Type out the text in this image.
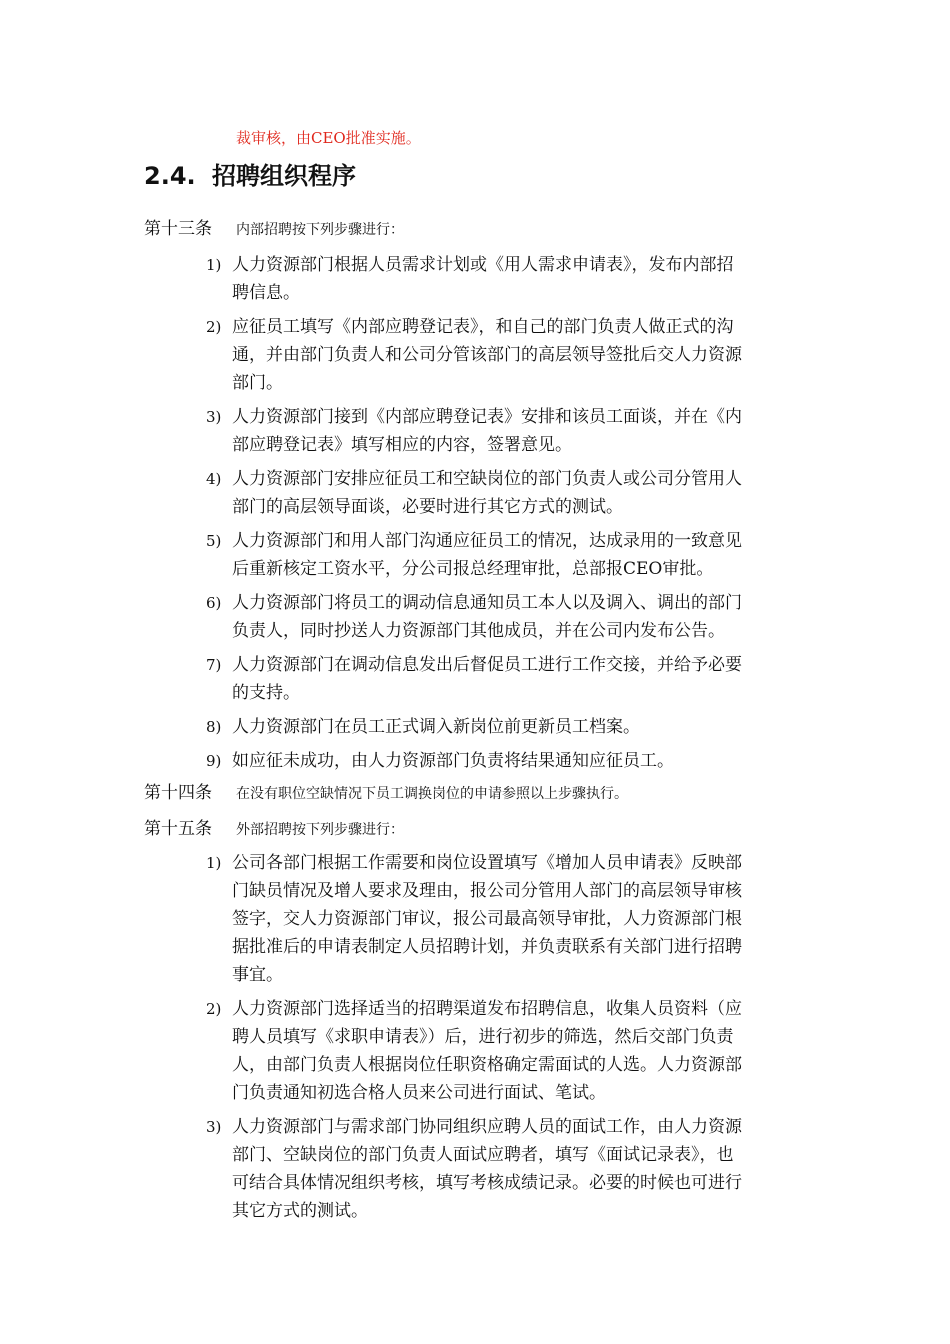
裁审核，由CEO批准实施。
2.4. 招聘组织程序
第十三条 内部招聘按下列步骤进行：
1) 人力资源部门根据人员需求计划或《用人需求申请表》，发布内部招
聘信息。
2) 应征员工填写《内部应聘登记表》，和自己的部门负责人做正式的沟
通，并由部门负责人和公司分管该部门的高层领导签批后交人力资源
部门。
3) 人力资源部门接到《内部应聘登记表》安排和该员工面谈，并在《内
部应聘登记表》填写相应的内容，签署意见。
4) 人力资源部门安排应征员工和空缺岗位的部门负责人或公司分管用人
部门的高层领导面谈，必要时进行其它方式的测试。
5) 人力资源部门和用人部门沟通应征员工的情况，达成录用的一致意见
后重新核定工资水平，分公司报总经理审批，总部报CEO审批。
6) 人力资源部门将员工的调动信息通知员工本人以及调入、调出的部门
负责人，同时抄送人力资源部门其他成员，并在公司内发布公告。
7) 人力资源部门在调动信息发出后督促员工进行工作交接，并给予必要
的支持。
8) 人力资源部门在员工正式调入新岗位前更新员工档案。
9) 如应征未成功，由人力资源部门负责将结果通知应征员工。
第十四条 在没有职位空缺情况下员工调换岗位的申请参照以上步骤执行。
第十五条 外部招聘按下列步骤进行：
1) 公司各部门根据工作需要和岗位设置填写《增加人员申请表》反映部
门缺员情况及增人要求及理由，报公司分管用人部门的高层领导审核
签字，交人力资源部门审议，报公司最高领导审批，人力资源部门根
据批准后的申请表制定人员招聘计划，并负责联系有关部门进行招聘
事宜。
2) 人力资源部门选择适当的招聘渠道发布招聘信息，收集人员资料（应
聘人员填写《求职申请表》）后，进行初步的筛选，然后交部门负责
人，由部门负责人根据岗位任职资格确定需面试的人选。人力资源部
门负责通知初选合格人员来公司进行面试、笔试。
3) 人力资源部门与需求部门协同组织应聘人员的面试工作，由人力资源
部门、空缺岗位的部门负责人面试应聘者，填写《面试记录表》，也
可结合具体情况组织考核，填写考核成绩记录。必要的时候也可进行
其它方式的测试。
